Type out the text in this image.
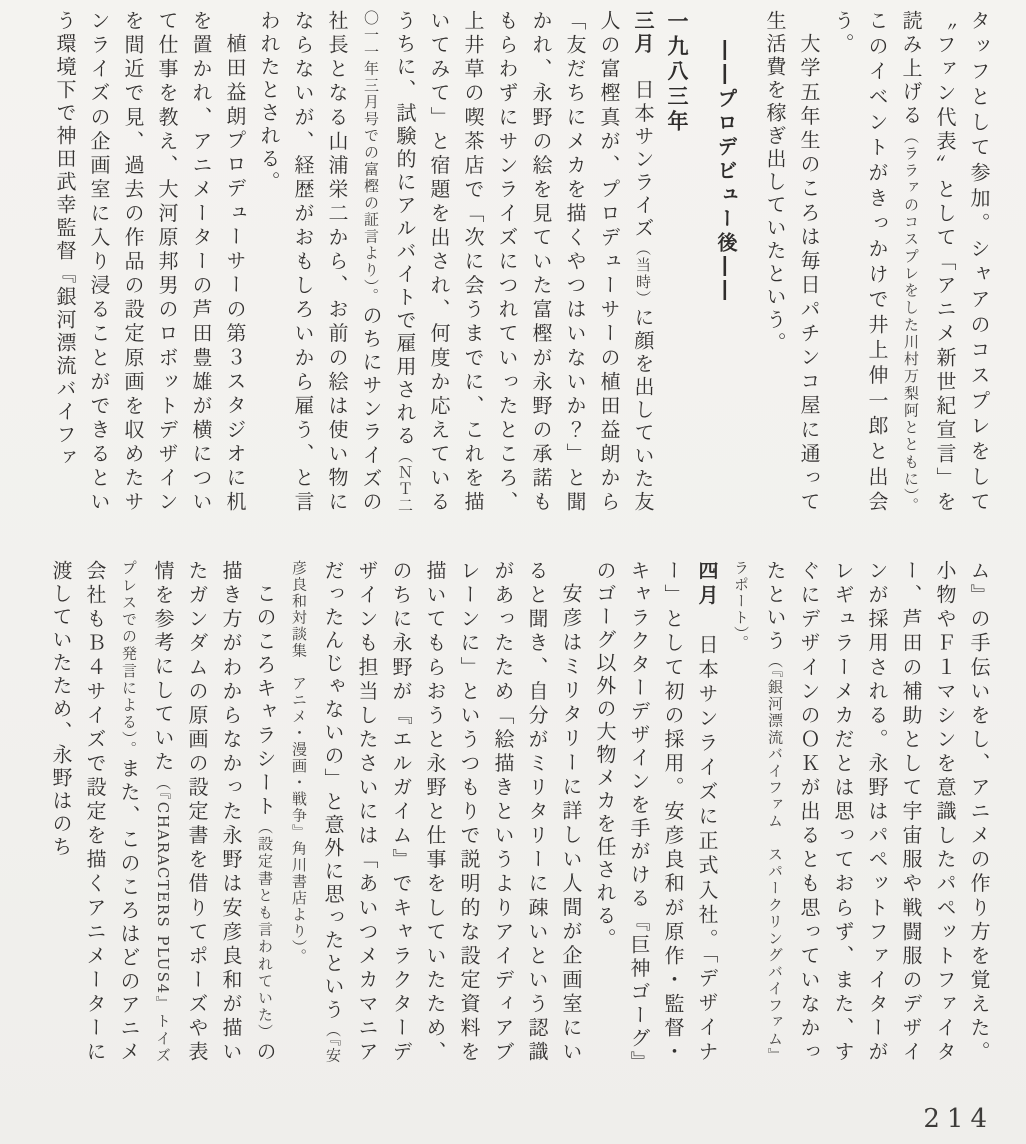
タッフとして参加。シャアのコスプレをして〝ファン代表〟として「アニメ新世紀宣言」を読み上げる（ララァのコスプレをした川村万梨阿とともに）。このイベントがきっかけで井上伸一郎と出会う。

大学五年生のころは毎日パチンコ屋に通って生活費を稼ぎ出していたという。

――プロデビュー後――
一九八三年

三月　日本サンライズ（当時）に顔を出していた友人の富樫真が、プロデューサーの植田益朗から「友だちにメカを描くやつはいないか？」と聞かれ、永野の絵を見ていた富樫が永野の承諾ももらわずにサンライズにつれていったところ、上井草の喫茶店で「次に会うまでに、これを描いてみて」と宿題を出され、何度か応えているうちに、試験的にアルバイトで雇用される（ＮＴ二〇一一年三月号での富樫の証言より）。のちにサンライズの社長となる山浦栄二から、お前の絵は使い物にならないが、経歴がおもしろいから雇う、と言われたとされる。

植田益朗プロデューサーの第３スタジオに机を置かれ、アニメーターの芦田豊雄が横について仕事を教え、大河原邦男のロボットデザインを間近で見、過去の作品の設定原画を収めたサンライズの企画室に入り浸ることができるという環境下で神田武幸監督『銀河漂流バイファ

ム』の手伝いをし、アニメの作り方を覚えた。小物やＦ１マシンを意識したパペットファイター、芦田の補助として宇宙服や戦闘服のデザインが採用される。永野はパペットファイターがレギュラーメカだとは思っておらず、また、すぐにデザインのＯＫが出るとも思っていなかったという（『銀河漂流バイファム　スパークリングバイファム』ラポート）。

四月　日本サンライズに正式入社。「デザイナー」として初の採用。安彦良和が原作・監督・キャラクターデザインを手がける『巨神ゴーグ』のゴーグ以外の大物メカを任される。

安彦はミリタリーに詳しい人間が企画室にいると聞き、自分がミリタリーに疎いという認識があったため「絵描きというよりアイディアブレーンに」というつもりで説明的な設定資料を描いてもらおうと永野と仕事をしていたため、のちに永野が『エルガイム』でキャラクターデザインも担当したさいには「あいつメカマニアだったんじゃないの」と意外に思ったという（『安彦良和対談集　アニメ・漫画・戦争』角川書店より）。

このころキャラシート（設定書とも言われていた）の描き方がわからなかった永野は安彦良和が描いたガンダムの原画の設定書を借りてポーズや表情を参考にしていた（『CHARACTERS PLUS4』トイズプレスでの発言による）。また、このころはどのアニメ会社もＢ４サイズで設定を描くアニメーターに渡していたため、永野はのち

214
